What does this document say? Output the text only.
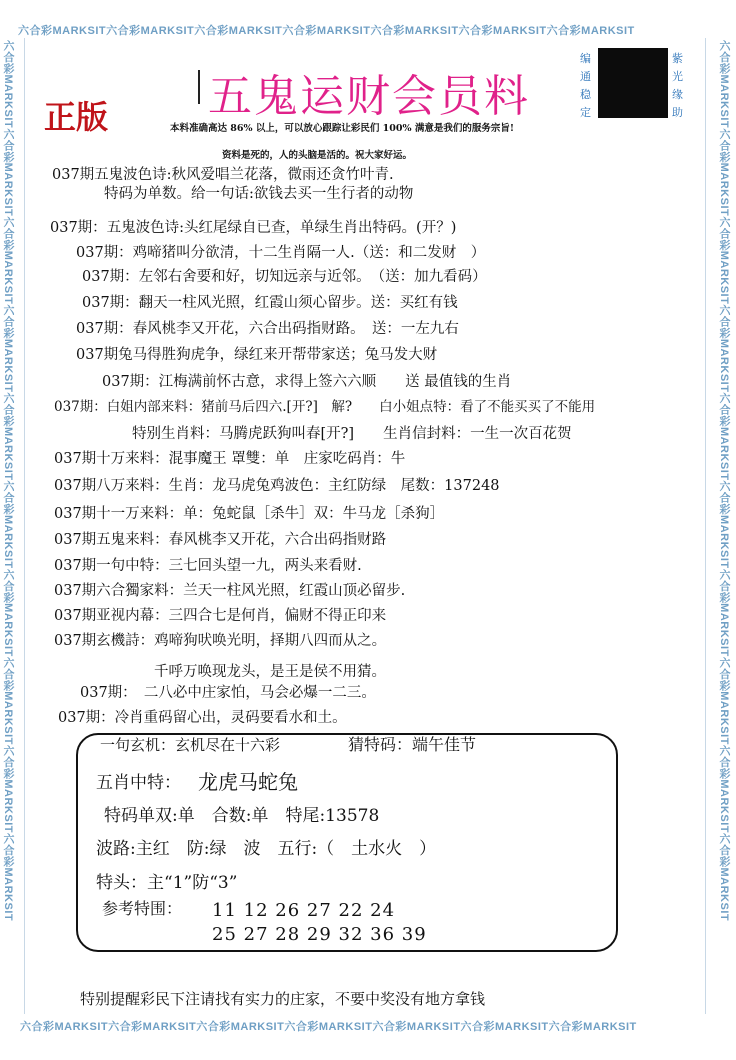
六合彩MARKSIT六合彩MARKSIT六合彩MARKSIT六合彩MARKSIT六合彩MARKSIT六合彩MARKSIT六合彩MARKSIT
六合彩MARKSIT六合彩MARKSIT六合彩MARKSIT六合彩MARKSIT六合彩MARKSIT六合彩MARKSIT六合彩MARKSIT
六合彩MARKSIT六合彩MARKSIT六合彩MARKSIT六合彩MARKSIT六合彩MARKSIT六合彩MARKSIT六合彩MARKSIT六合彩MARKSIT六合彩MARKSIT六合彩MARKSIT
六合彩MARKSIT六合彩MARKSIT六合彩MARKSIT六合彩MARKSIT六合彩MARKSIT六合彩MARKSIT六合彩MARKSIT六合彩MARKSIT六合彩MARKSIT六合彩MARKSIT
五鬼运财会员料
正版
编通稳定
紫光缘助
本料准确高达 86% 以上，可以放心跟踪让彩民们 100% 满意是我们的服务宗旨!
资料是死的，人的头脑是活的。祝大家好运。
037期五鬼波色诗:秋风爱唱兰花落，微雨还贪竹叶青.
特码为单数。给一句话:欲钱去买一生行者的动物
037期：五鬼波色诗:头红尾绿自已查，单绿生肖出特码。(开？)
037期：鸡啼猪叫分欲清，十二生肖隔一人.（送：和二发财　）
037期：左邻右舍要和好，切知远亲与近邻。　（送：加九看码）
037期：翻天一柱风光照，红霞山须心留步。送：买红有钱
037期：春风桃李又开花，六合出码指财路。　送：一左九右
037期兔马得胜狗虎争，绿红来开帮带家送；兔马发大财
037期：江梅满前怀古意，求得上签六六顺　　送 最值钱的生肖
037期：白姐内部来料：猪前马后四六.[开?]　解?　　白小姐点特：看了不能买买了不能用
特别生肖料：马腾虎跃狗叫春[开?]　　生肖信封料：一生一次百花贺
037期十万来料：混事魔王 罩雙：单　庄家吃码肖：牛
037期八万来料：生肖：龙马虎兔鸡波色：主红防绿　尾数：137248
037期十一万来料：单：兔蛇鼠［杀牛］双：牛马龙［杀狗］
037期五鬼来料：春风桃李又开花，六合出码指财路
037期一句中特：三七回头望一九，两头来看财.
037期六合獨家料：兰天一柱风光照，红霞山顶必留步.
037期亚视内幕：三四合七是何肖，偏财不得正印来
037期玄機詩：鸡啼狗吠唤光明，择期八四而从之。
千呼万唤现龙头，是王是侯不用猜。
037期：　二八必中庄家怕，马会必爆一二三。
037期：冷肖重码留心出，灵码要看水和土。
一句玄机：玄机尽在十六彩	猜特码：端午佳节
五肖中特： 龙虎马蛇兔
特码单双:单　合数:单　特尾:13578
波路:主红　防:绿　波　五行:（　土水火　）
特头：主“1”防“3”
参考特围： 11 12 26 27 22 24
25 27 28 29 32 36 39
特别提醒彩民下注请找有实力的庄家，不要中奖没有地方拿钱
